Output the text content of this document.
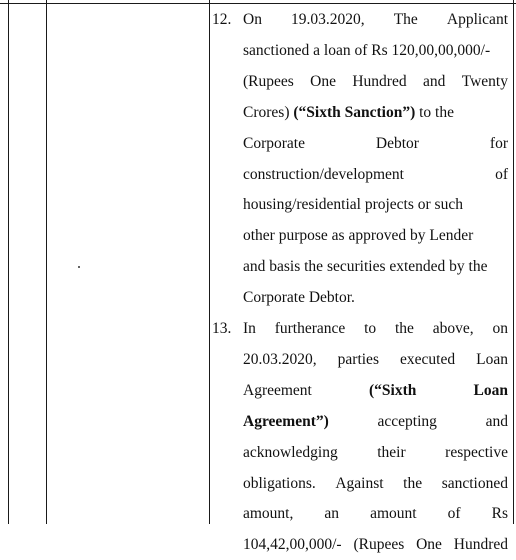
12. On 19.03.2020, The Applicant
sanctioned a loan of Rs 120,00,00,000/-
(Rupees One Hundred and Twenty
Crores) (“Sixth Sanction”) to the
Corporate	Debtor	for
construction/development	of
housing/residential projects or such
other purpose as approved by Lender
and basis the securities extended by the
Corporate Debtor.
13. In furtherance to the above, on
20.03.2020, parties executed Loan
Agreement	(“Sixth	Loan
Agreement”)	accepting	and
acknowledging	their	respective
obligations. Against the sanctioned
amount, an amount of Rs
104,42,00,000/- (Rupees One Hundred
